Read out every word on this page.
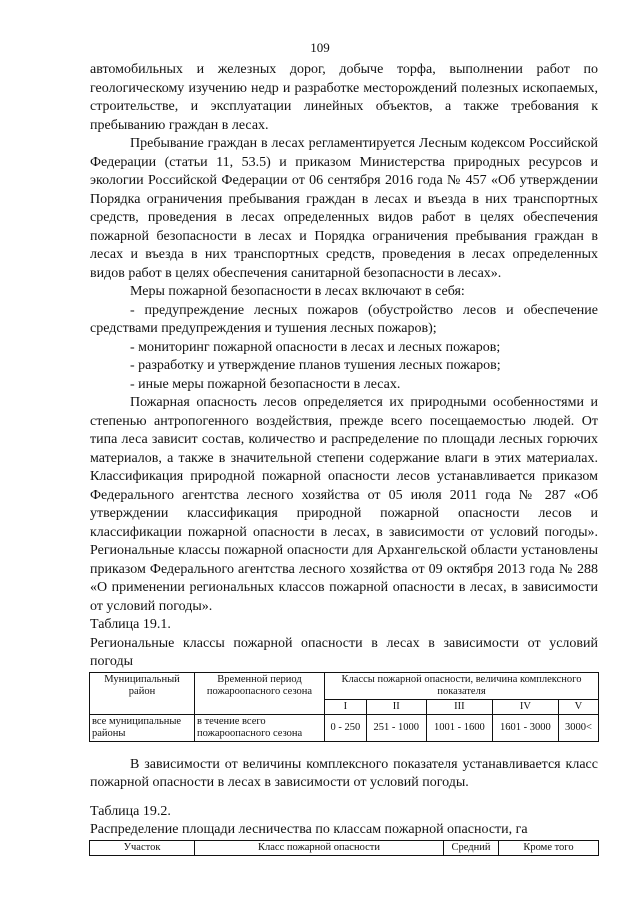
109

автомобильных и железных дорог, добыче торфа, выполнении работ по геологическому изучению недр и разработке месторождений полезных ископаемых, строительстве, и эксплуатации линейных объектов, а также требования к пребыванию граждан в лесах.

Пребывание граждан в лесах регламентируется Лесным кодексом Российской Федерации (статьи 11, 53.5) и приказом Министерства природных ресурсов и экологии Российской Федерации от 06 сентября 2016 года № 457 «Об утверждении Порядка ограничения пребывания граждан в лесах и въезда в них транспортных средств, проведения в лесах определенных видов работ в целях обеспечения пожарной безопасности в лесах и Порядка ограничения пребывания граждан в лесах и въезда в них транспортных средств, проведения в лесах определенных видов работ в целях обеспечения санитарной безопасности в лесах».

Меры пожарной безопасности в лесах включают в себя:

- предупреждение лесных пожаров (обустройство лесов и обеспечение средствами предупреждения и тушения лесных пожаров);

- мониторинг пожарной опасности в лесах и лесных пожаров;

- разработку и утверждение планов тушения лесных пожаров;

- иные меры пожарной безопасности в лесах.

Пожарная опасность лесов определяется их природными особенностями и степенью антропогенного воздействия, прежде всего посещаемостью людей. От типа леса зависит состав, количество и распределение по площади лесных горючих материалов, а также в значительной степени содержание влаги в этих материалах. Классификация природной пожарной опасности лесов устанавливается приказом Федерального агентства лесного хозяйства от 05 июля 2011 года № 287 «Об утверждении классификация природной пожарной опасности лесов и классификации пожарной опасности в лесах, в зависимости от условий погоды». Региональные классы пожарной опасности для Архангельской области установлены приказом Федерального агентства лесного хозяйства от 09 октября 2013 года № 288 «О применении региональных классов пожарной опасности в лесах, в зависимости от условий погоды».

Таблица 19.1.

Региональные классы пожарной опасности в лесах в зависимости от условий погоды

Муниципальный район	Временной период пожароопасного сезона	Классы пожарной опасности, величина комплексного показателя				
		I	II	III	IV	V
все муниципальные районы	в течение всего пожароопасного сезона	0 - 250	251 - 1000	1001 - 1600	1601 - 3000	3000<

В зависимости от величины комплексного показателя устанавливается класс пожарной опасности в лесах в зависимости от условий погоды.

Таблица 19.2.

Распределение площади лесничества по классам пожарной опасности, га

Участок	Класс пожарной опасности	Средний	Кроме того
